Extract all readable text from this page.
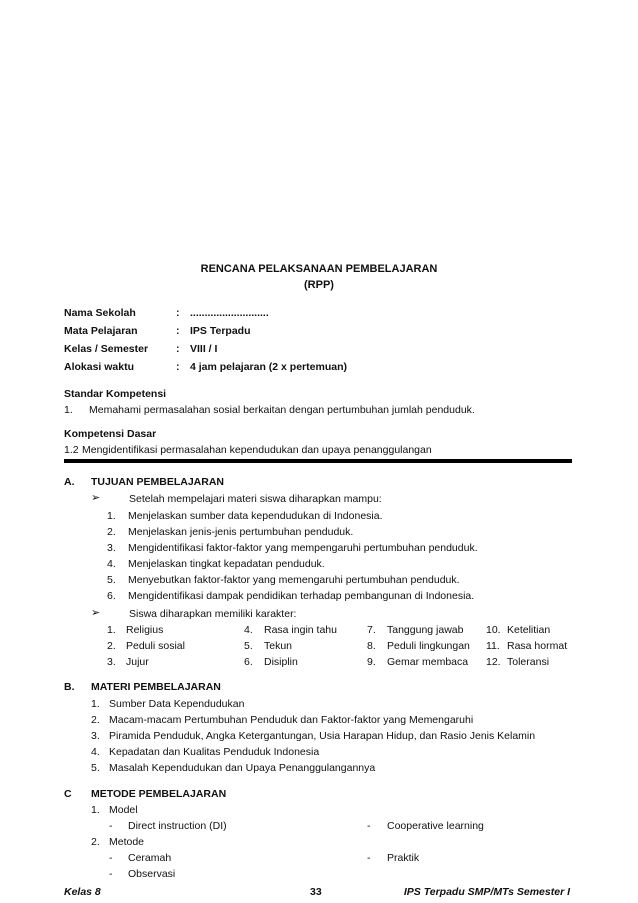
RENCANA PELAKSANAAN PEMBELAJARAN
(RPP)
Nama Sekolah	: ...........................
Mata Pelajaran	: IPS Terpadu
Kelas / Semester	: VIII / I
Alokasi waktu	: 4 jam pelajaran (2 x pertemuan)
Standar Kompetensi
1. Memahami permasalahan sosial berkaitan dengan pertumbuhan jumlah penduduk.
Kompetensi Dasar
1.2 Mengidentifikasi permasalahan kependudukan dan upaya penanggulangan
A. TUJUAN PEMBELAJARAN
➢	Setelah mempelajari materi siswa diharapkan mampu:
1. Menjelaskan sumber data kependudukan di Indonesia.
2. Menjelaskan jenis-jenis pertumbuhan penduduk.
3. Mengidentifikasi faktor-faktor yang mempengaruhi pertumbuhan penduduk.
4. Menjelaskan tingkat kepadatan penduduk.
5. Menyebutkan faktor-faktor yang memengaruhi pertumbuhan penduduk.
6. Mengidentifikasi dampak pendidikan terhadap pembangunan di Indonesia.
➢	Siswa diharapkan memiliki karakter:
1. Religius	4. Rasa ingin tahu	7. Tanggung jawab 10. Ketelitian
2. Peduli sosial	5. Tekun	8. Peduli lingkungan 11. Rasa hormat
3. Jujur	6. Disiplin	9. Gemar membaca 12. Toleransi
B. MATERI PEMBELAJARAN
1. Sumber Data Kependudukan
2. Macam-macam Pertumbuhan Penduduk dan Faktor-faktor yang Memengaruhi
3. Piramida Penduduk, Angka Ketergantungan, Usia Harapan Hidup, dan Rasio Jenis Kelamin
4. Kepadatan dan Kualitas Penduduk Indonesia
5. Masalah Kependudukan dan Upaya Penanggulangannya
C METODE PEMBELAJARAN
1. Model
- Direct instruction (DI)	- Cooperative learning
2. Metode
- Ceramah	- Praktik
- Observasi
Kelas 8	33	IPS Terpadu SMP/MTs Semester I
